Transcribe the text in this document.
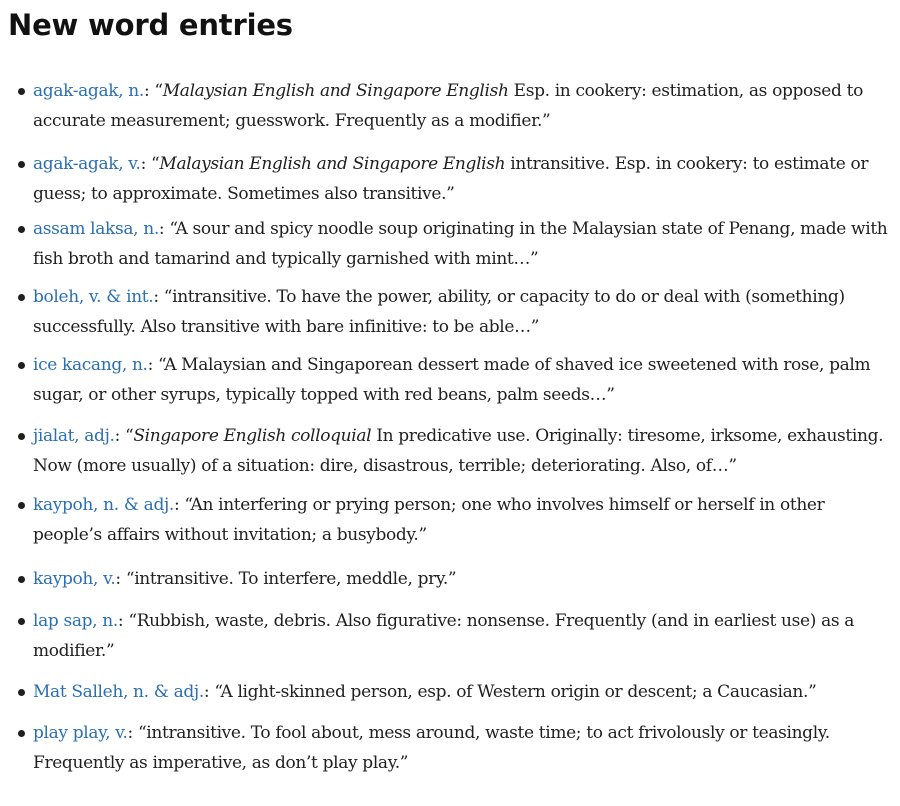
New word entries
agak-agak, n.: “Malaysian English and Singapore English Esp. in cookery: estimation, as opposed to accurate measurement; guesswork. Frequently as a modifier.”
agak-agak, v.: “Malaysian English and Singapore English intransitive. Esp. in cookery: to estimate or guess; to approximate. Sometimes also transitive.”
assam laksa, n.: “A sour and spicy noodle soup originating in the Malaysian state of Penang, made with fish broth and tamarind and typically garnished with mint…”
boleh, v. & int.: “intransitive. To have the power, ability, or capacity to do or deal with (something) successfully. Also transitive with bare infinitive: to be able…”
ice kacang, n.: “A Malaysian and Singaporean dessert made of shaved ice sweetened with rose, palm sugar, or other syrups, typically topped with red beans, palm seeds…”
jialat, adj.: “Singapore English colloquial In predicative use. Originally: tiresome, irksome, exhausting. Now (more usually) of a situation: dire, disastrous, terrible; deteriorating. Also, of…”
kaypoh, n. & adj.: “An interfering or prying person; one who involves himself or herself in other people’s affairs without invitation; a busybody.”
kaypoh, v.: “intransitive. To interfere, meddle, pry.”
lap sap, n.: “Rubbish, waste, debris. Also figurative: nonsense. Frequently (and in earliest use) as a modifier.”
Mat Salleh, n. & adj.: “A light-skinned person, esp. of Western origin or descent; a Caucasian.”
play play, v.: “intransitive. To fool about, mess around, waste time; to act frivolously or teasingly. Frequently as imperative, as don’t play play.”
